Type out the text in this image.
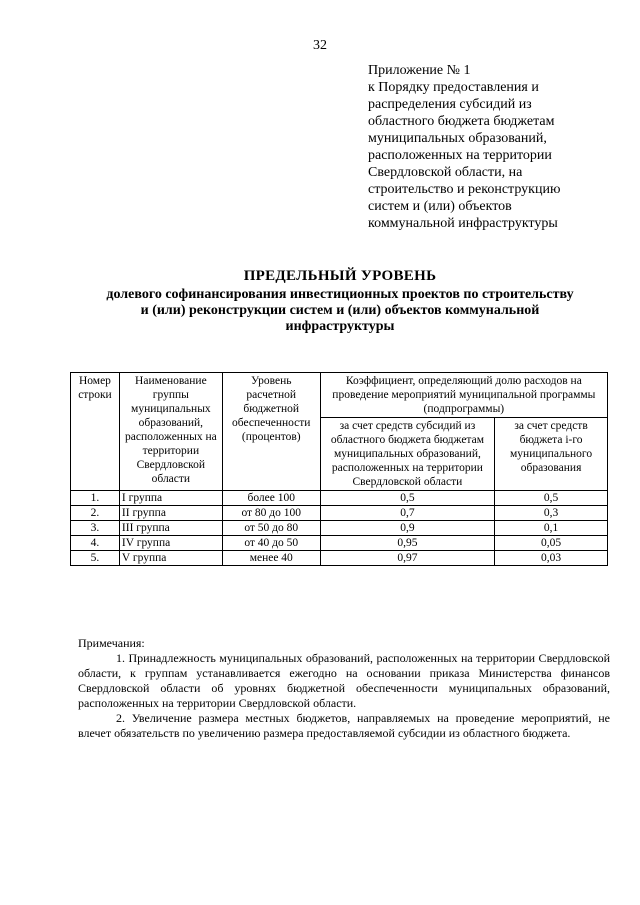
32
Приложение № 1
к Порядку предоставления и
распределения субсидий из
областного бюджета бюджетам
муниципальных образований,
расположенных на территории
Свердловской области, на
строительство и реконструкцию
систем и (или) объектов
коммунальной инфраструктуры
ПРЕДЕЛЬНЫЙ УРОВЕНЬ
долевого софинансирования инвестиционных проектов по строительству
и (или) реконструкции систем и (или) объектов коммунальной
инфраструктуры
Номер строки	Наименование группы муниципальных образований, расположенных на территории Свердловской области	Уровень расчетной бюджетной обеспеченности (процентов)	Коэффициент, определяющий долю расходов на проведение мероприятий муниципальной программы (подпрограммы)	
			за счет средств субсидий из областного бюджета бюджетам муниципальных образований, расположенных на территории Свердловской области	за счет средств бюджета i-го муниципального образования
1.	I группа	более 100	0,5	0,5
2.	II группа	от 80 до 100	0,7	0,3
3.	III группа	от 50 до 80	0,9	0,1
4.	IV группа	от 40 до 50	0,95	0,05
5.	V группа	менее 40	0,97	0,03

Примечания:

1. Принадлежность муниципальных образований, расположенных на территории Свердловской области, к группам устанавливается ежегодно на основании приказа Министерства финансов Свердловской области об уровнях бюджетной обеспеченности муниципальных образований, расположенных на территории Свердловской области.

2. Увеличение размера местных бюджетов, направляемых на проведение мероприятий, не влечет обязательств по увеличению размера предоставляемой субсидии из областного бюджета.
